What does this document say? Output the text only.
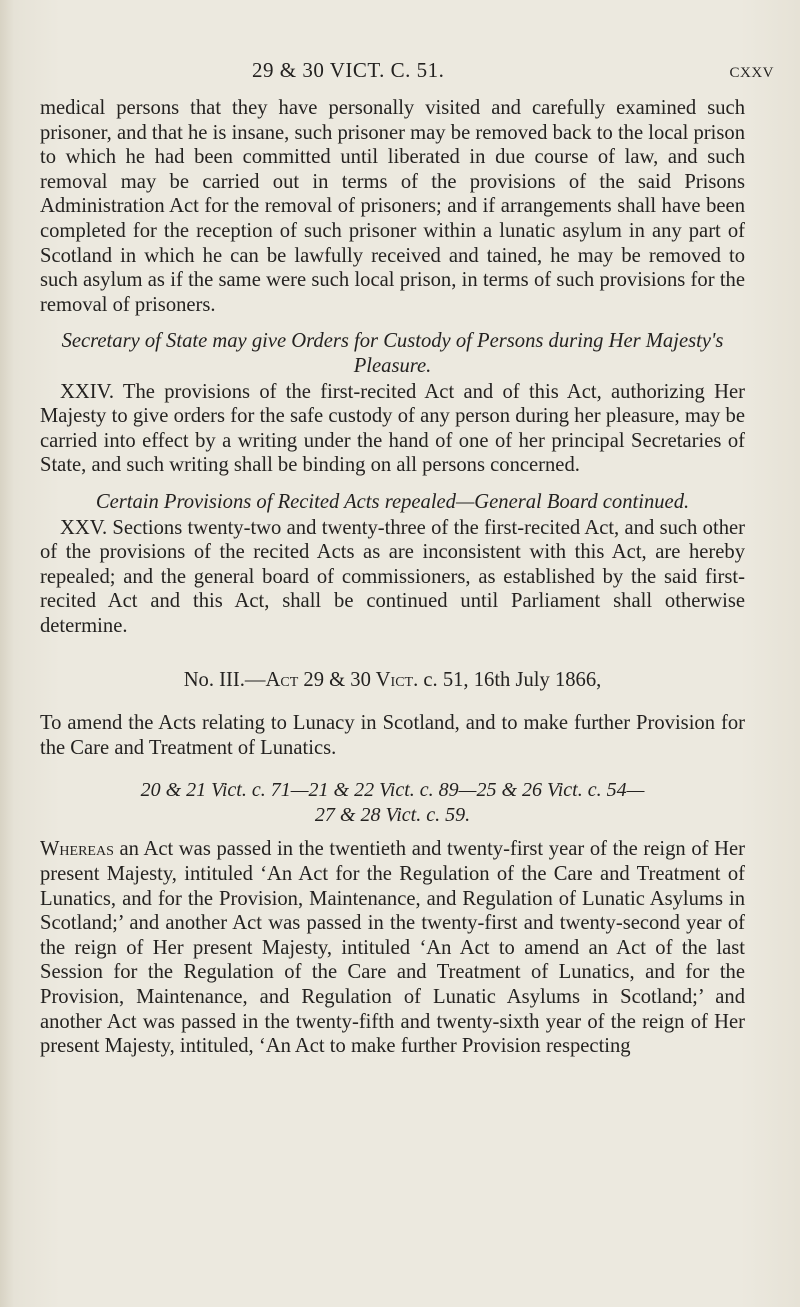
29 & 30 VICT. C. 51.	cxxv

medical persons that they have personally visited and carefully examined such prisoner, and that he is insane, such prisoner may be removed back to the local prison to which he had been committed until liberated in due course of law, and such removal may be carried out in terms of the provisions of the said Prisons Administration Act for the removal of prisoners; and if arrangements shall have been completed for the reception of such prisoner within a lunatic asylum in any part of Scotland in which he can be lawfully received and tained, he may be removed to such asylum as if the same were such local prison, in terms of such provisions for the removal of prisoners.

Secretary of State may give Orders for Custody of Persons during Her Majesty's Pleasure.

XXIV. The provisions of the first-recited Act and of this Act, authorizing Her Majesty to give orders for the safe custody of any person during her pleasure, may be carried into effect by a writing under the hand of one of her principal Secretaries of State, and such writing shall be binding on all persons concerned.

Certain Provisions of Recited Acts repealed—General Board continued.

XXV. Sections twenty-two and twenty-three of the first-recited Act, and such other of the provisions of the recited Acts as are inconsistent with this Act, are hereby repealed; and the general board of commissioners, as established by the said first-recited Act and this Act, shall be continued until Parliament shall otherwise determine.

No. III.—Act 29 & 30 Vict. c. 51, 16th July 1866,

To amend the Acts relating to Lunacy in Scotland, and to make further Provision for the Care and Treatment of Lunatics.

20 & 21 Vict. c. 71—21 & 22 Vict. c. 89—25 & 26 Vict. c. 54—
27 & 28 Vict. c. 59.

Whereas an Act was passed in the twentieth and twenty-first year of the reign of Her present Majesty, intituled ‘An Act for the Regulation of the Care and Treatment of Lunatics, and for the Provision, Maintenance, and Regulation of Lunatic Asylums in Scotland;’ and another Act was passed in the twenty-first and twenty-second year of the reign of Her present Majesty, intituled ‘An Act to amend an Act of the last Session for the Regulation of the Care and Treatment of Lunatics, and for the Provision, Maintenance, and Regulation of Lunatic Asylums in Scotland;’ and another Act was passed in the twenty-fifth and twenty-sixth year of the reign of Her present Majesty, intituled, ‘An Act to make further Provision respecting
